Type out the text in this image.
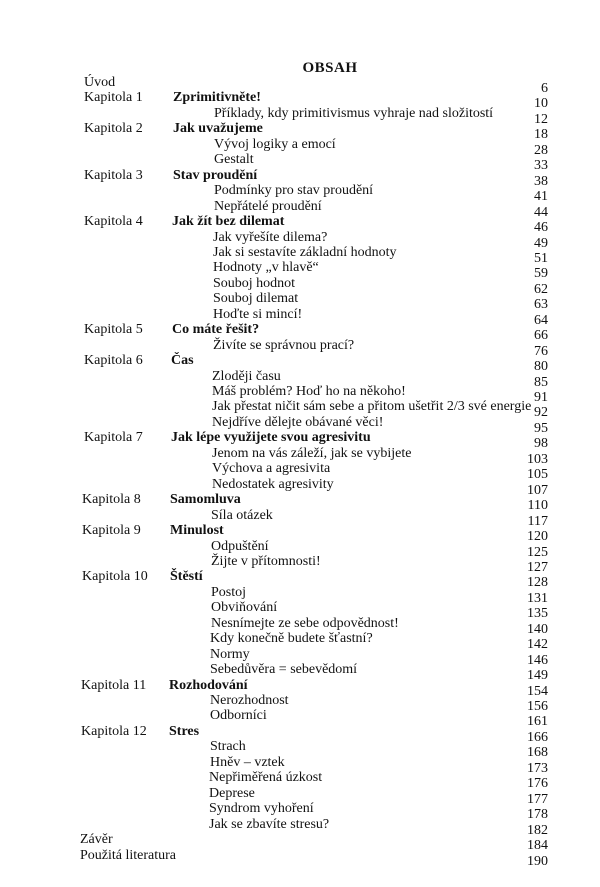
OBSAH
Úvod	6
Kapitola 1 Zprimitivněte!	10
Příklady, kdy primitivismus vyhraje nad složitostí	12
Kapitola 2 Jak uvažujeme	18
Vývoj logiky a emocí	28
Gestalt	33
Kapitola 3 Stav proudění	38
Podmínky pro stav proudění	41
Nepřátelé proudění	44
Kapitola 4 Jak žít bez dilemat	46
Jak vyřešíte dilema?	49
Jak si sestavíte základní hodnoty	51
Hodnoty „v hlavě“	59
Souboj hodnot	62
Souboj dilemat	63
Hoďte si mincí!	64
Kapitola 5 Co máte řešit?	66
Živíte se správnou prací?	76
Kapitola 6 Čas	80
Zloději času	85
Máš problém? Hoď ho na někoho!	91
Jak přestat ničit sám sebe a přitom ušetřit 2/3 své energie 92
Nejdříve dělejte obávané věci!	95
Kapitola 7 Jak lépe využijete svou agresivitu	98
Jenom na vás záleží, jak se vybijete	103
Výchova a agresivita	105
Nedostatek agresivity	107
Kapitola 8 Samomluva	110
Síla otázek	117
Kapitola 9 Minulost	120
Odpuštění	125
Žijte v přítomnosti!	127
Kapitola 10 Štěstí	128
Postoj	131
Obviňování	135
Nesnímejte ze sebe odpovědnost!	140
Kdy konečně budete šťastní?	142
Normy	146
Sebedůvěra = sebevědomí	149
Kapitola 11 Rozhodování	154
Nerozhodnost	156
Odborníci	161
Kapitola 12 Stres	166
Strach	168
Hněv – vztek	173
Nepřiměřená úzkost	176
Deprese	177
Syndrom vyhoření	178
Jak se zbavíte stresu?	182
Závěr	184
Použitá literatura	190
